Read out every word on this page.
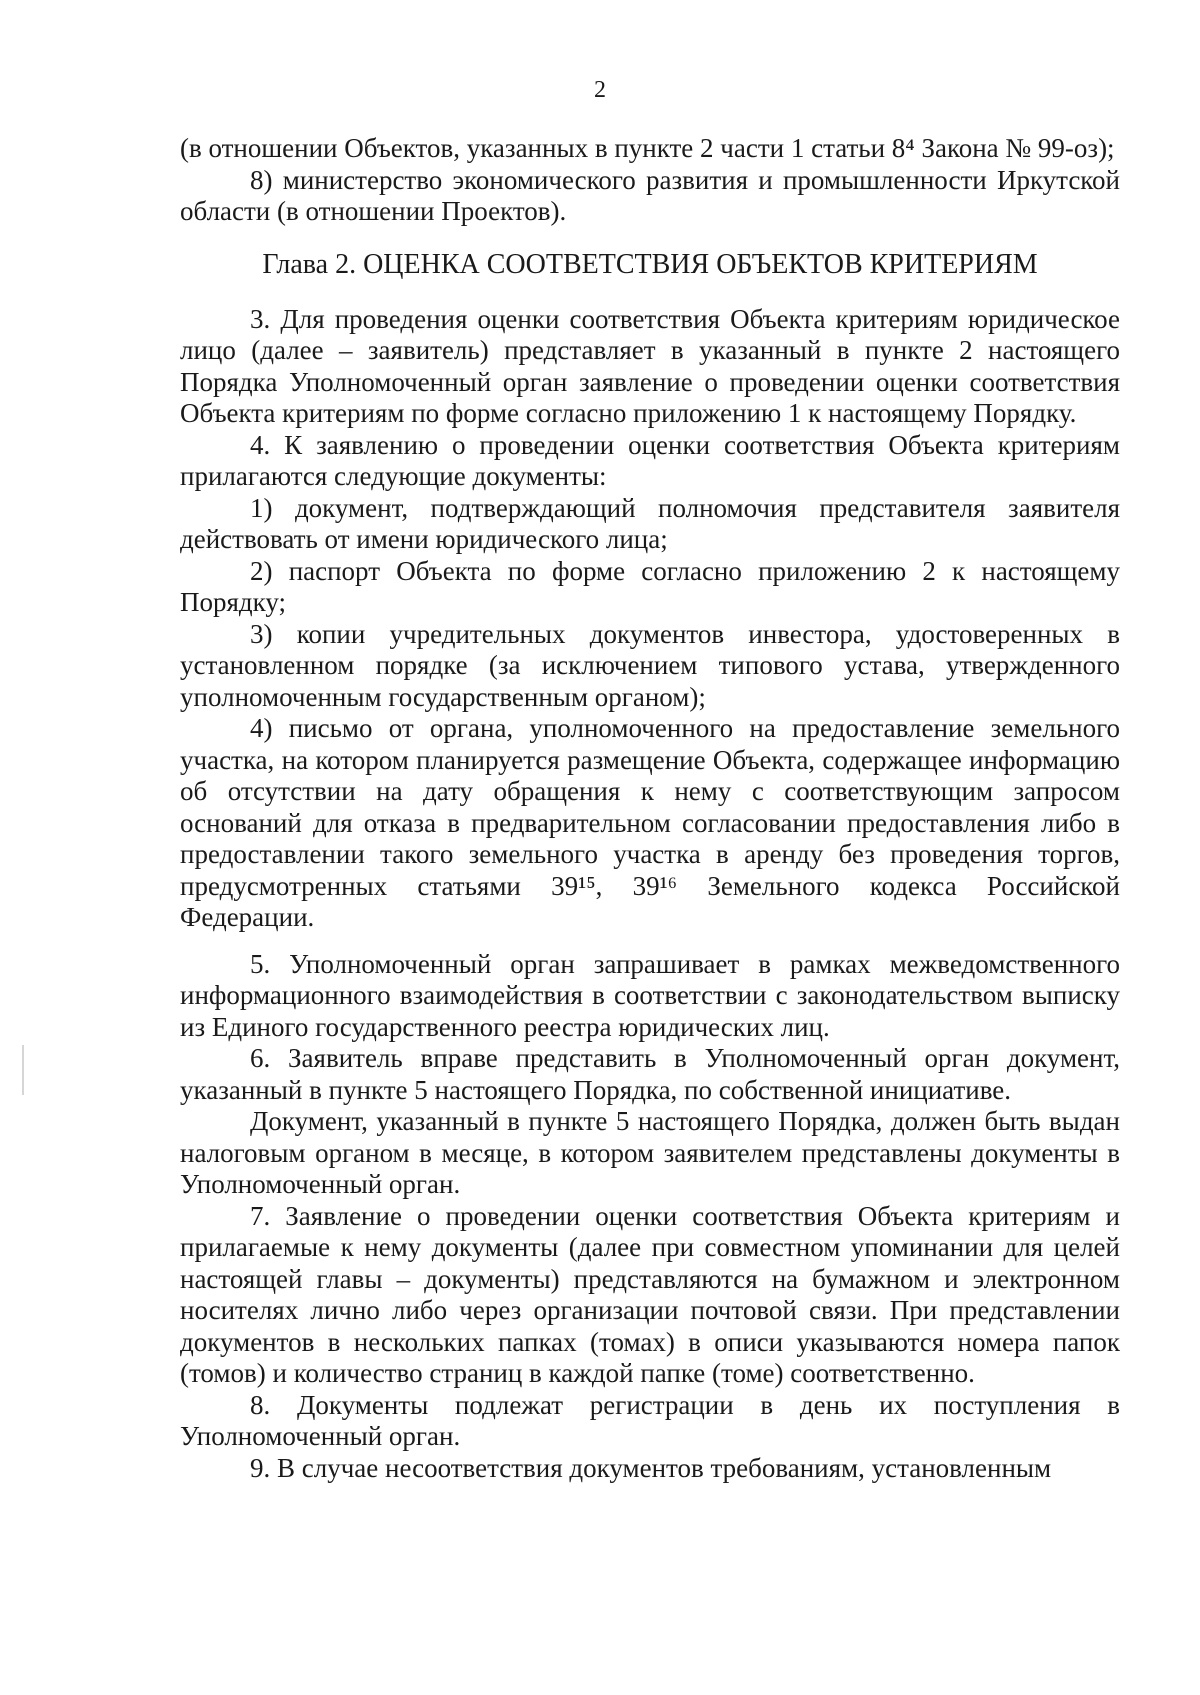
2

(в отношении Объектов, указанных в пункте 2 части 1 статьи 8⁴ Закона № 99-оз);

8) министерство экономического развития и промышленности Иркутской области (в отношении Проектов).

Глава 2. ОЦЕНКА СООТВЕТСТВИЯ ОБЪЕКТОВ КРИТЕРИЯМ

3. Для проведения оценки соответствия Объекта критериям юридическое лицо (далее – заявитель) представляет в указанный в пункте 2 настоящего Порядка Уполномоченный орган заявление о проведении оценки соответствия Объекта критериям по форме согласно приложению 1 к настоящему Порядку.

4. К заявлению о проведении оценки соответствия Объекта критериям прилагаются следующие документы:

1) документ, подтверждающий полномочия представителя заявителя действовать от имени юридического лица;

2) паспорт Объекта по форме согласно приложению 2 к настоящему Порядку;

3) копии учредительных документов инвестора, удостоверенных в установленном порядке (за исключением типового устава, утвержденного уполномоченным государственным органом);

4) письмо от органа, уполномоченного на предоставление земельного участка, на котором планируется размещение Объекта, содержащее информацию об отсутствии на дату обращения к нему с соответствующим запросом оснований для отказа в предварительном согласовании предоставления либо в предоставлении такого земельного участка в аренду без проведения торгов, предусмотренных статьями 39¹⁵, 39¹⁶ Земельного кодекса Российской Федерации.

5. Уполномоченный орган запрашивает в рамках межведомственного информационного взаимодействия в соответствии с законодательством выписку из Единого государственного реестра юридических лиц.

6. Заявитель вправе представить в Уполномоченный орган документ, указанный в пункте 5 настоящего Порядка, по собственной инициативе.

Документ, указанный в пункте 5 настоящего Порядка, должен быть выдан налоговым органом в месяце, в котором заявителем представлены документы в Уполномоченный орган.

7. Заявление о проведении оценки соответствия Объекта критериям и прилагаемые к нему документы (далее при совместном упоминании для целей настоящей главы – документы) представляются на бумажном и электронном носителях лично либо через организации почтовой связи. При представлении документов в нескольких папках (томах) в описи указываются номера папок (томов) и количество страниц в каждой папке (томе) соответственно.

8. Документы подлежат регистрации в день их поступления в Уполномоченный орган.

9. В случае несоответствия документов требованиям, установленным
